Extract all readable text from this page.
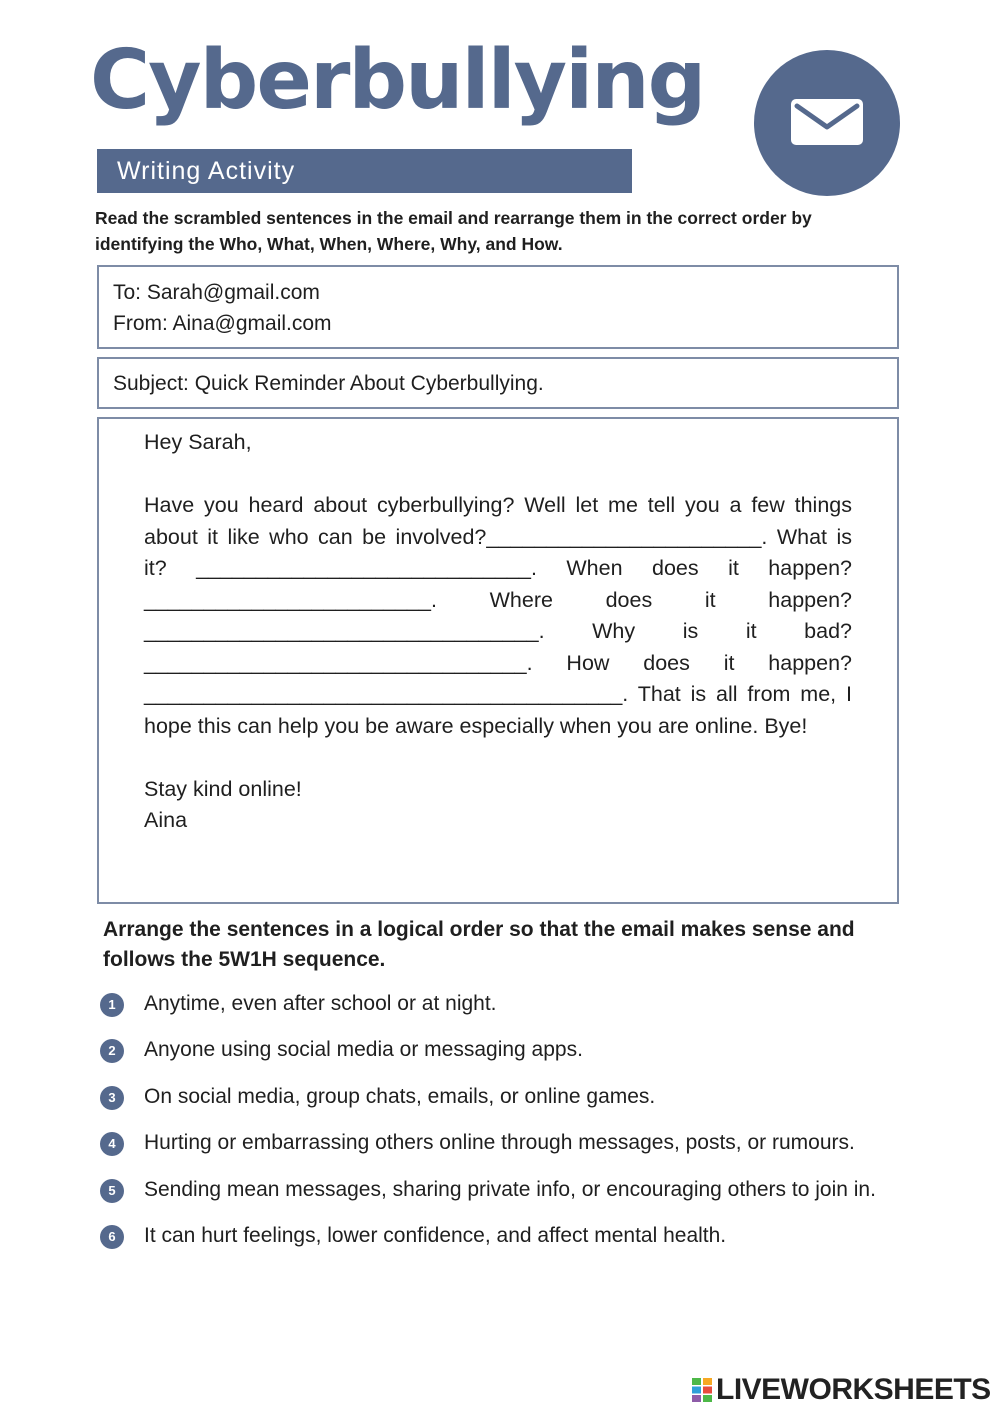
Cyberbullying
Writing Activity

Read the scrambled sentences in the email and rearrange them in the correct order by identifying the Who, What, When, Where, Why, and How.

To: Sarah@gmail.com
From: Aina@gmail.com
Subject: Quick Reminder About Cyberbullying.

Hey Sarah,

Have you heard about cyberbullying? Well let me tell you a few things about it like who can be involved?_______________________. What is it? ____________________________. When does it happen? ________________________. Where does it happen? _________________________________. Why is it bad? ________________________________. How does it happen? ________________________________________. That is all from me, I hope this can help you be aware especially when you are online. Bye!

Stay kind online!

Aina

Arrange the sentences in a logical order so that the email makes sense and follows the 5W1H sequence.

1	Anytime, even after school or at night.
2	Anyone using social media or messaging apps.
3	On social media, group chats, emails, or online games.
4	Hurting or embarrassing others online through messages, posts, or rumours.
5	Sending mean messages, sharing private info, or encouraging others to join in.
6	It can hurt feelings, lower confidence, and affect mental health.
LIVEWORKSHEETS
